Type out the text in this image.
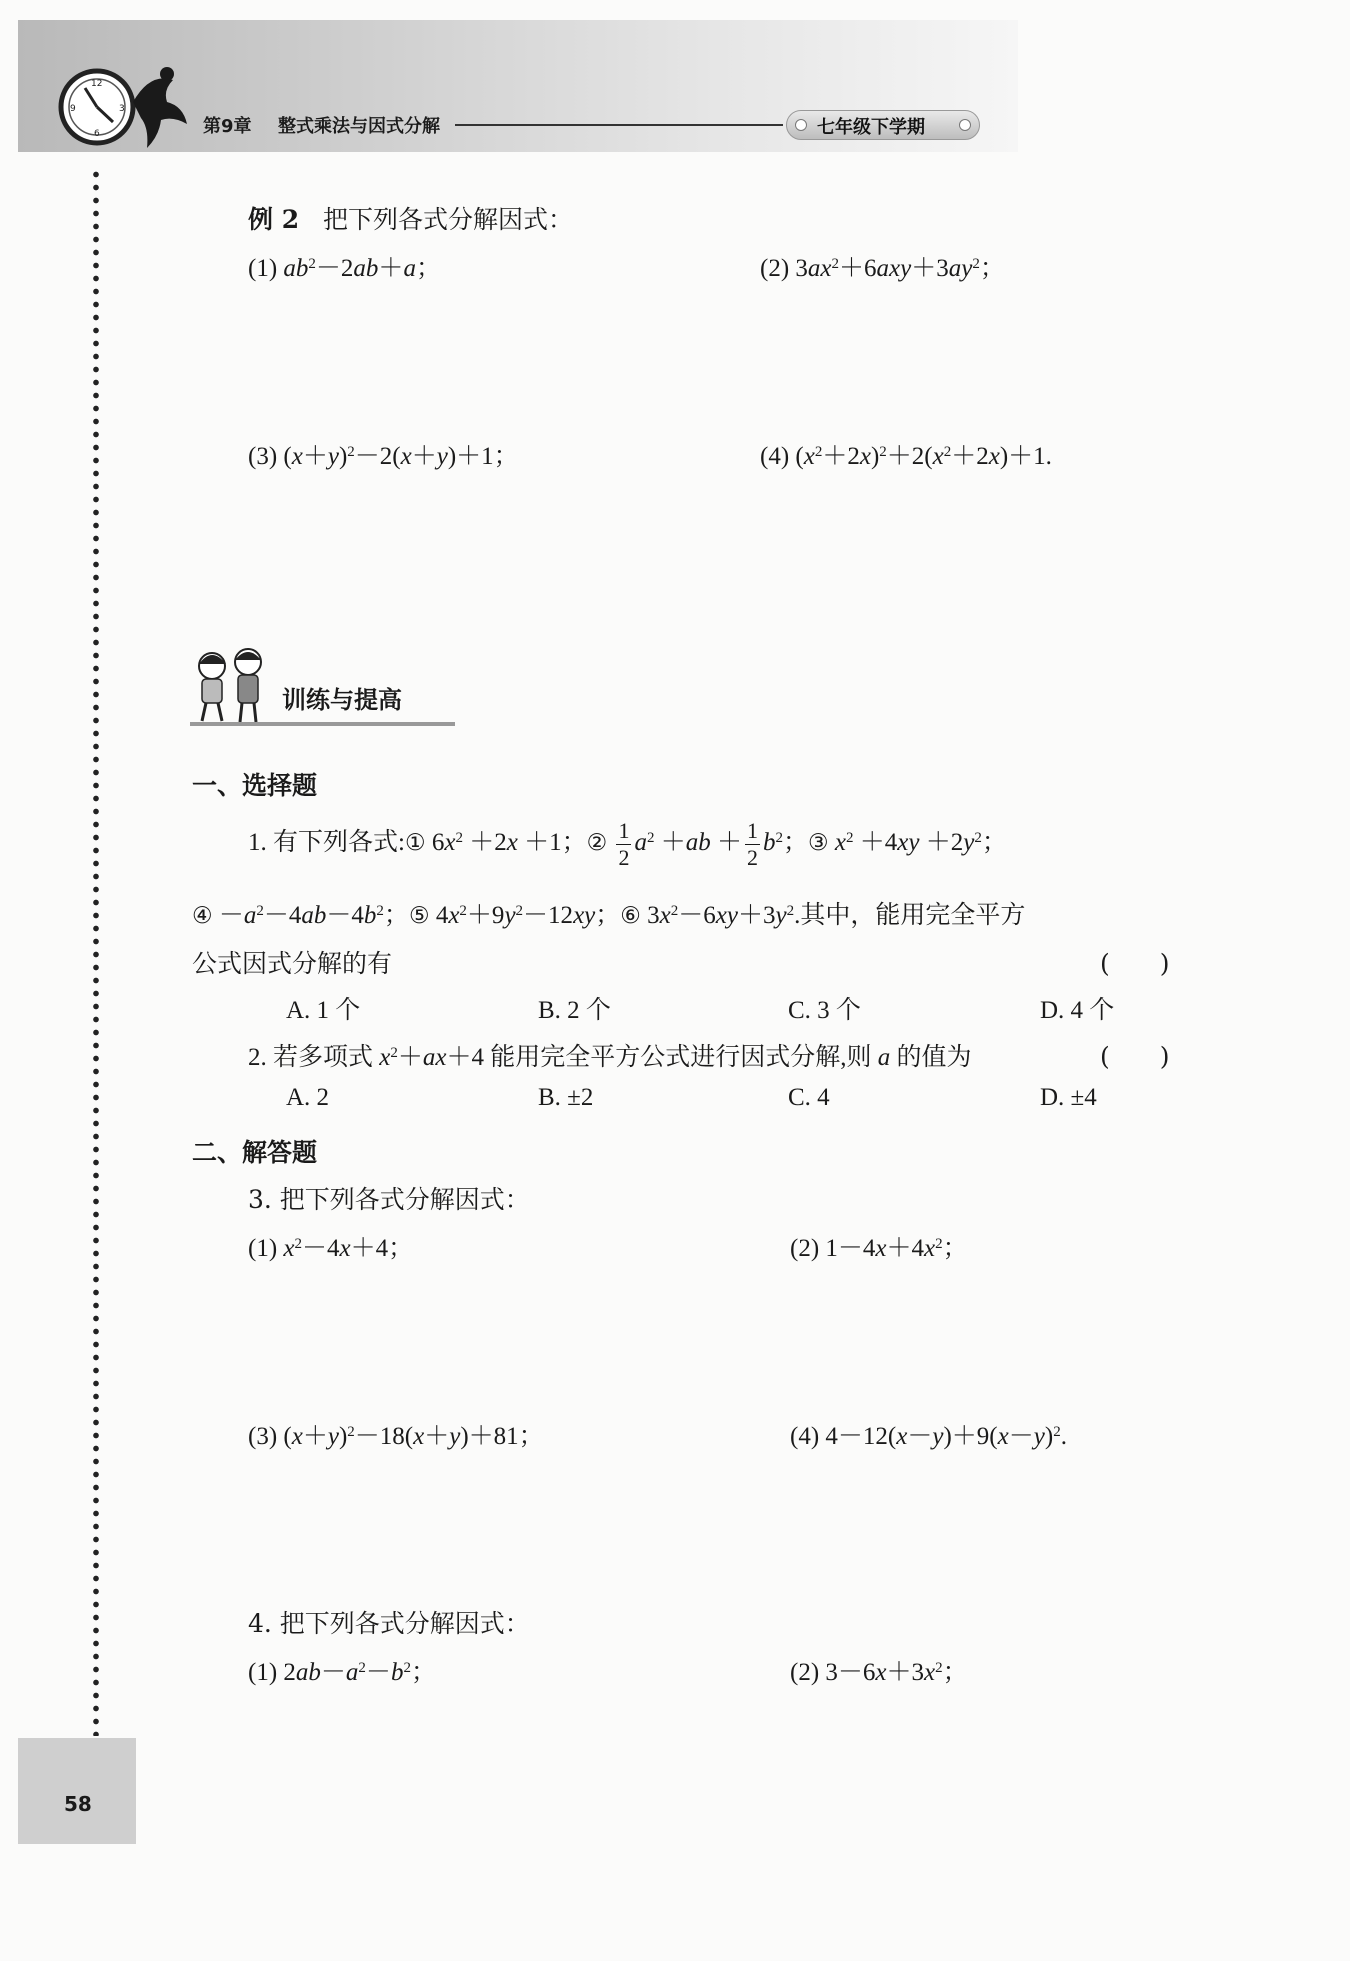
12
3
6
9
第9章 整式乘法与因式分解	七年级下学期
例 2 把下列各式分解因式：
(1) $ab^2-2ab+a$；	(2) $3ax^2+6axy+3ay^2$；
(3) $(x+y)^2-2(x+y)+1$；	(4) $(x^2+2x)^2+2(x^2+2x)+1$.
训练与提高
一、选择题
1. 有下列各式:① $6x^2 +2x +1$；② $\frac{1}{2} a^2 +ab + \frac{1}{2} b^2$；③ $x^2 +4xy +2y^2$；
④ $-a^2-4ab-4b^2$；⑤ $4x^2+9y^2-12xy$；⑥ $3x^2-6xy+3y^2$.其中，能用完全平方
公式因式分解的有	(　　)
A. 1 个	B. 2 个	C. 3 个	D. 4 个
2. 若多项式 $x^2+ax+4$ 能用完全平方公式进行因式分解,则 a 的值为	(　　)
A. 2	B. ±2	C. 4	D. ±4
二、解答题
3. 把下列各式分解因式：
(1) $x^2-4x+4$；	(2) $1-4x+4x^2$；
(3) $(x+y)^2-18(x+y)+81$；	(4) $4-12(x-y)+9(x-y)^2$.
4. 把下列各式分解因式：
(1) $2ab-a^2-b^2$；	(2) $3-6x+3x^2$；
58
